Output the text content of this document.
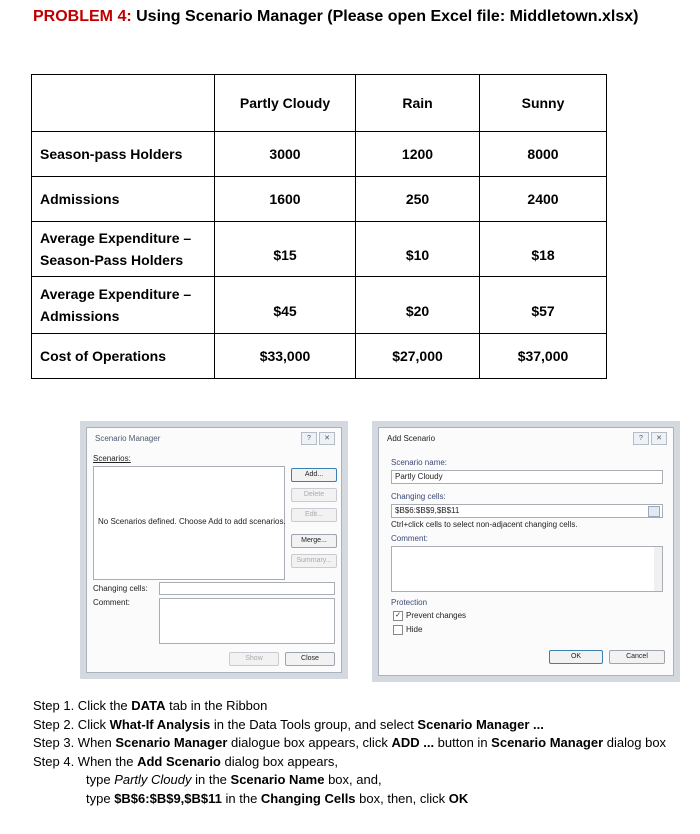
PROBLEM 4: Using Scenario Manager (Please open Excel file: Middletown.xlsx)
	Partly Cloudy	Rain	Sunny
Season-pass Holders	3000	1200	8000
Admissions	1600	250	2400

Average Expenditure –
Season-Pass Holders	$15	$10	$18

Average Expenditure –
Admissions	$45	$20	$57
Cost of Operations	$33,000	$27,000	$37,000
Scenario Manager	?	✕
Scenarios:
No Scenarios defined. Choose Add to add scenarios.
Add...
Delete
Edit...
Merge...
Summary...
Changing cells:
Comment:
Show	Close
Add Scenario	?	✕
Scenario name:
Partly Cloudy
Changing cells:
$B$6:$B$9,$B$11
Ctrl+click cells to select non-adjacent changing cells.
Comment:
Protection
✓ Prevent changes
Hide
OK	Cancel
Step 1. Click the DATA tab in the Ribbon
Step 2. Click What-If Analysis in the Data Tools group, and select Scenario Manager ...
Step 3. When Scenario Manager dialogue box appears, click ADD ... button in Scenario Manager dialog box
Step 4. When the Add Scenario dialog box appears,
type Partly Cloudy in the Scenario Name box, and,
type $B$6:$B$9,$B$11 in the Changing Cells box, then, click OK
